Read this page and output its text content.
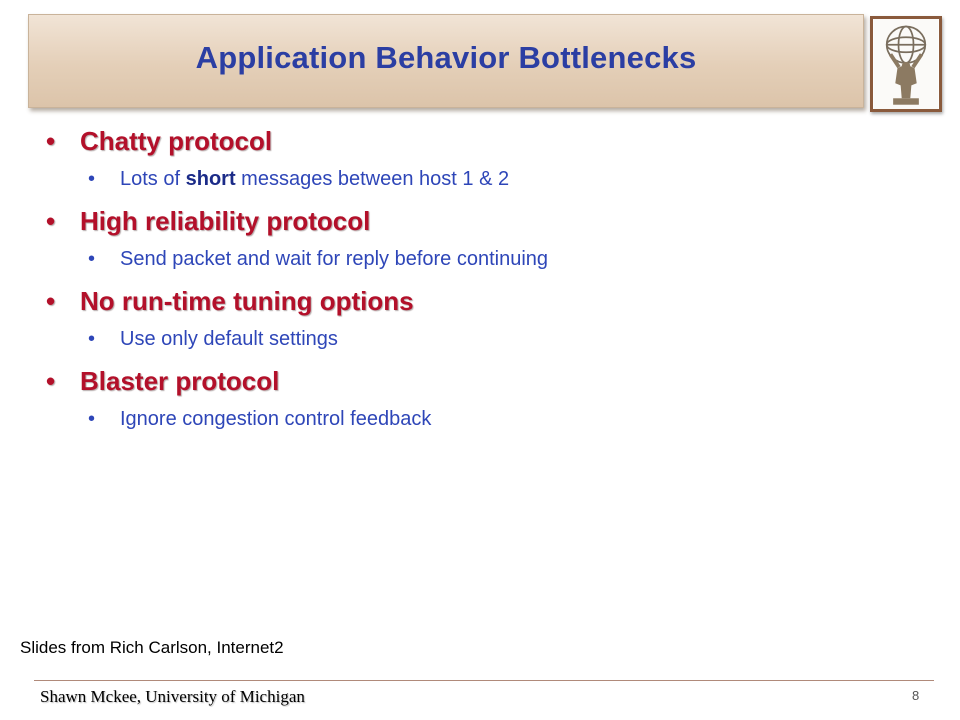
Application Behavior Bottlenecks
• Chatty protocol
• Lots of short messages between host 1 & 2
• High reliability protocol
• Send packet and wait for reply before continuing
• No run-time tuning options
• Use only default settings
• Blaster protocol
• Ignore congestion control feedback
Slides from Rich Carlson, Internet2
Shawn Mckee, University of Michigan	8
